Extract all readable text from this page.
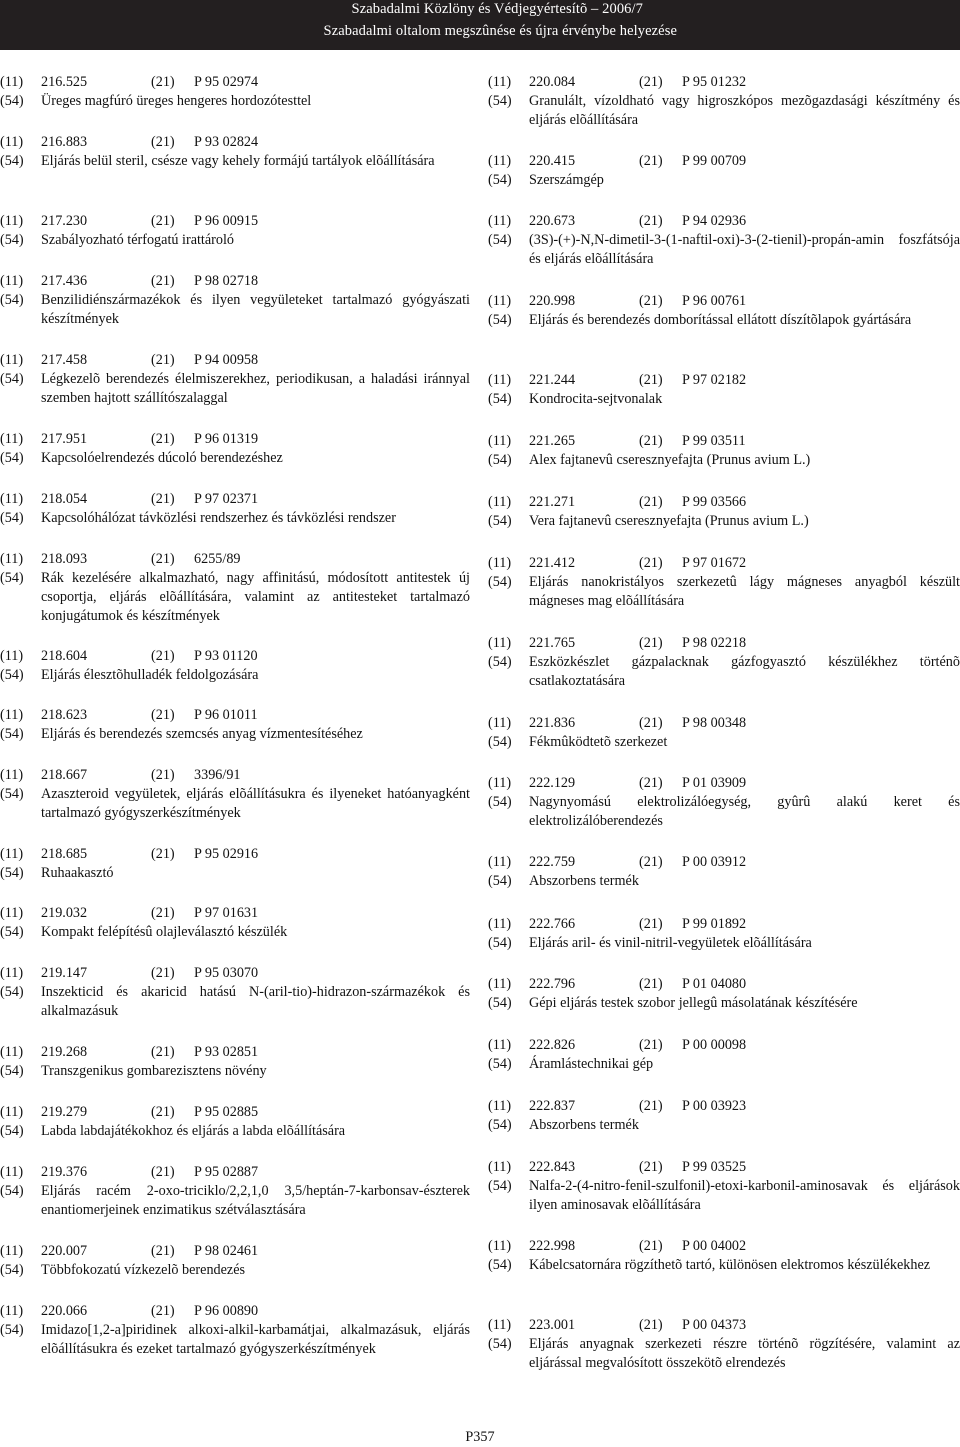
Szabadalmi Közlöny és Védjegyértesítõ – 2006/7
Szabadalmi oltalom megszûnése és újra érvénybe helyezése
(11)	216.525	(21)	P 95 02974
(54)	Üreges magfúró üreges hengeres hordozótesttel
(11)	216.883	(21)	P 93 02824
(54)	Eljárás belül steril, csésze vagy kehely formájú tartályok elõállítására
(11)	217.230	(21)	P 96 00915
(54)	Szabályozható térfogatú irattároló
(11)	217.436	(21)	P 98 02718
(54)	Benzilidiénszármazékok és ilyen vegyületeket tartalmazó gyógyászati készítmények
(11)	217.458	(21)	P 94 00958
(54)	Légkezelõ berendezés élelmiszerekhez, periodikusan, a haladási iránnyal szemben hajtott szállítószalaggal
(11)	217.951	(21)	P 96 01319
(54)	Kapcsolóelrendezés dúcoló berendezéshez
(11)	218.054	(21)	P 97 02371
(54)	Kapcsolóhálózat távközlési rendszerhez és távközlési rendszer
(11)	218.093	(21)	6255/89
(54)	Rák kezelésére alkalmazható, nagy affinitású, módosított antitestek új csoportja, eljárás elõállítására, valamint az antitesteket tartalmazó konjugátumok és készítmények
(11)	218.604	(21)	P 93 01120
(54)	Eljárás élesztõhulladék feldolgozására
(11)	218.623	(21)	P 96 01011
(54)	Eljárás és berendezés szemcsés anyag vízmentesítéséhez
(11)	218.667	(21)	3396/91
(54)	Azaszteroid vegyületek, eljárás elõállításukra és ilyeneket hatóanyagként tartalmazó gyógyszerkészítmények
(11)	218.685	(21)	P 95 02916
(54)	Ruhaakasztó
(11)	219.032	(21)	P 97 01631
(54)	Kompakt felépítésû olajleválasztó készülék
(11)	219.147	(21)	P 95 03070
(54)	Inszekticid és akaricid hatású N-(aril-tio)-hidrazon-származékok és alkalmazásuk
(11)	219.268	(21)	P 93 02851
(54)	Transzgenikus gombarezisztens növény
(11)	219.279	(21)	P 95 02885
(54)	Labda labdajátékokhoz és eljárás a labda elõállítására
(11)	219.376	(21)	P 95 02887
(54)	Eljárás racém 2-oxo-triciklo/2,2,1,0 3,5/heptán-7-karbonsav-észterek enantiomerjeinek enzimatikus szétválasztására
(11)	220.007	(21)	P 98 02461
(54)	Többfokozatú vízkezelõ berendezés
(11)	220.066	(21)	P 96 00890
(54)	Imidazo[1,2-a]piridinek alkoxi-alkil-karbamátjai, alkalmazásuk, eljárás elõállításukra és ezeket tartalmazó gyógyszerkészítmények
(11)	220.084	(21)	P 95 01232
(54)	Granulált, vízoldható vagy higroszkópos mezõgazdasági készítmény és eljárás elõállítására
(11)	220.415	(21)	P 99 00709
(54)	Szerszámgép
(11)	220.673	(21)	P 94 02936
(54)	(3S)-(+)-N,N-dimetil-3-(1-naftil-oxi)-3-(2-tienil)-propán-amin foszfátsója és eljárás elõállítására
(11)	220.998	(21)	P 96 00761
(54)	Eljárás és berendezés domborítással ellátott díszítõlapok gyártására
(11)	221.244	(21)	P 97 02182
(54)	Kondrocita-sejtvonalak
(11)	221.265	(21)	P 99 03511
(54)	Alex fajtanevû cseresznyefajta (Prunus avium L.)
(11)	221.271	(21)	P 99 03566
(54)	Vera fajtanevû cseresznyefajta (Prunus avium L.)
(11)	221.412	(21)	P 97 01672
(54)	Eljárás nanokristályos szerkezetû lágy mágneses anyagból készült mágneses mag elõállítására
(11)	221.765	(21)	P 98 02218
(54)	Eszközkészlet gázpalacknak gázfogyasztó készülékhez történõ csatlakoztatására
(11)	221.836	(21)	P 98 00348
(54)	Fékmûködtetõ szerkezet
(11)	222.129	(21)	P 01 03909
(54)	Nagynyomású elektrolizálóegység, gyûrû alakú keret és elektrolizálóberendezés
(11)	222.759	(21)	P 00 03912
(54)	Abszorbens termék
(11)	222.766	(21)	P 99 01892
(54)	Eljárás aril- és vinil-nitril-vegyületek elõállítására
(11)	222.796	(21)	P 01 04080
(54)	Gépi eljárás testek szobor jellegû másolatának készítésére
(11)	222.826	(21)	P 00 00098
(54)	Áramlástechnikai gép
(11)	222.837	(21)	P 00 03923
(54)	Abszorbens termék
(11)	222.843	(21)	P 99 03525
(54)	Nalfa-2-(4-nitro-fenil-szulfonil)-etoxi-karbonil-aminosavak és eljárások ilyen aminosavak elõállítására
(11)	222.998	(21)	P 00 04002
(54)	Kábelcsatornára rögzíthetõ tartó, különösen elektromos készülékekhez
(11)	223.001	(21)	P 00 04373
(54)	Eljárás anyagnak szerkezeti részre történõ rögzítésére, valamint az eljárással megvalósított összekötõ elrendezés
P357
